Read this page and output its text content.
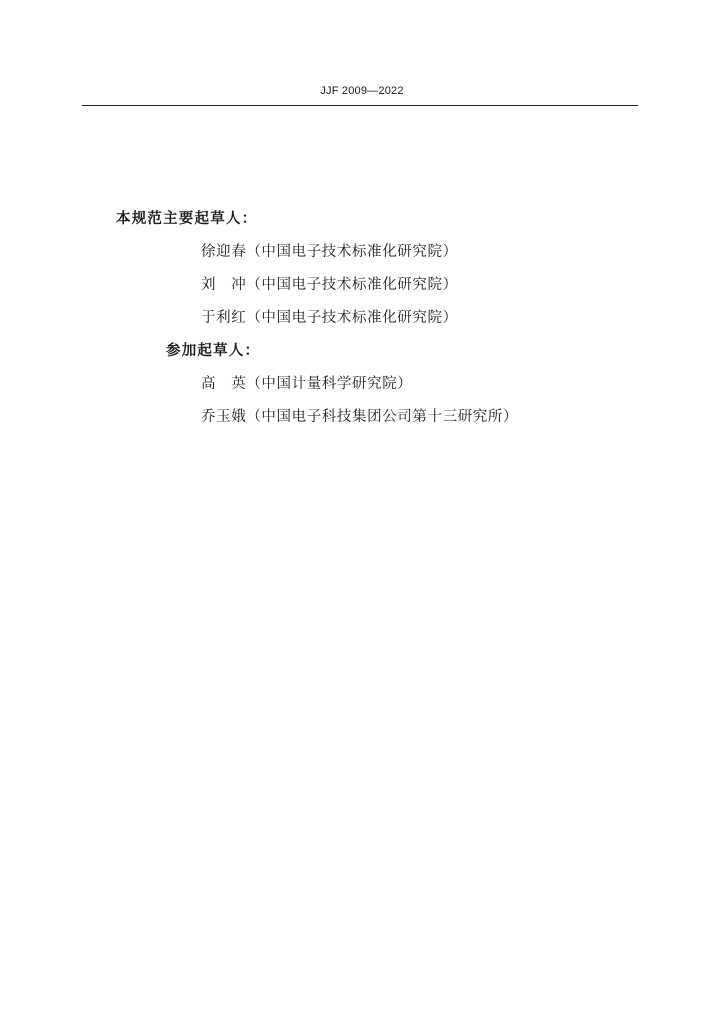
JJF 2009—2022
本规范主要起草人：
徐迎春（中国电子技术标准化研究院）
刘　冲（中国电子技术标准化研究院）
于利红（中国电子技术标准化研究院）
参加起草人：
高　英（中国计量科学研究院）
乔玉娥（中国电子科技集团公司第十三研究所）
